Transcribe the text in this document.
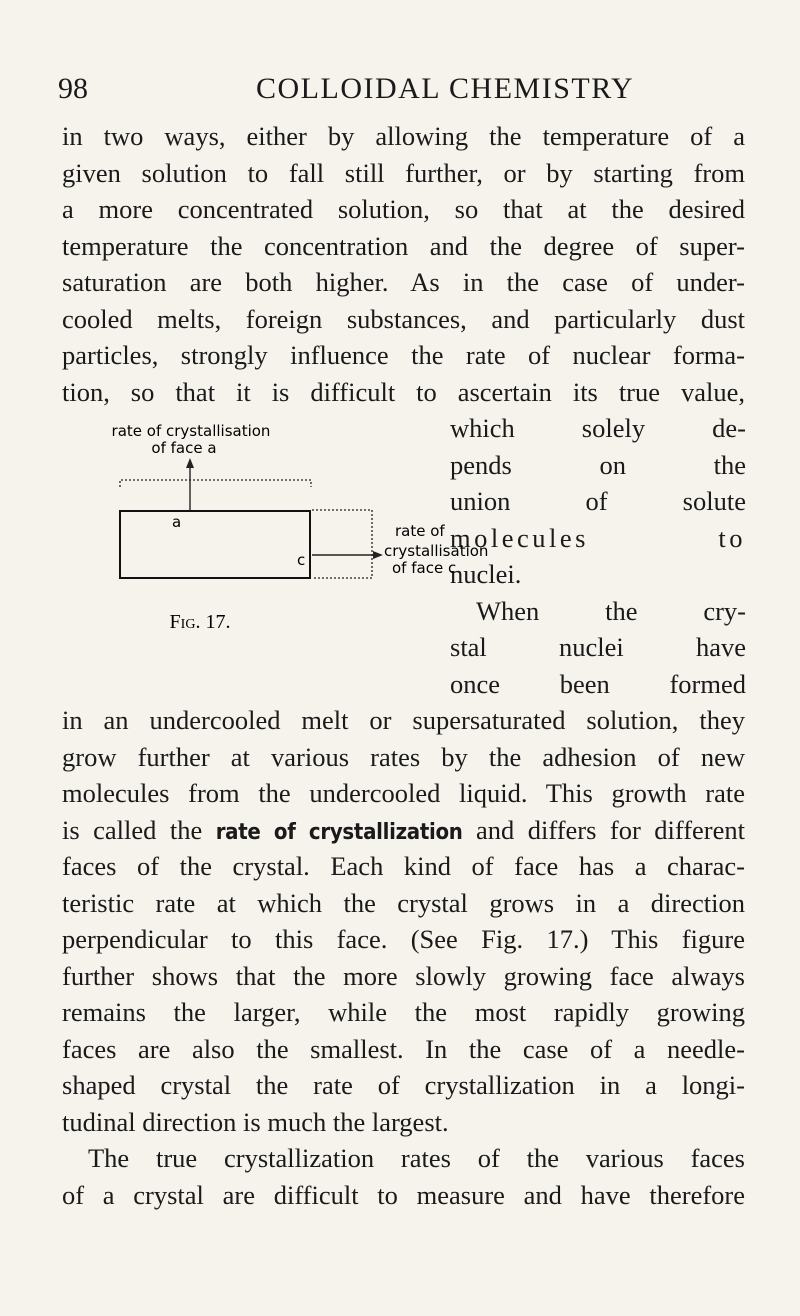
98	COLLOIDAL CHEMISTRY
in two ways, either by allowing the temperature of a
given solution to fall still further, or by starting from
a more concentrated solution, so that at the desired
temperature the concentration and the degree of super-
saturation are both higher. As in the case of under-
cooled melts, foreign substances, and particularly dust
particles, strongly influence the rate of nuclear forma-
tion, so that it is difficult to ascertain its true value,
which solely de-
pends on the
union of solute
molecules to
nuclei.
When the cry-
stal nuclei have
once been formed
in an undercooled melt or supersaturated solution, they
grow further at various rates by the adhesion of new
molecules from the undercooled liquid. This growth rate
is called the rate of crystallization and differs for different
faces of the crystal. Each kind of face has a charac-
teristic rate at which the crystal grows in a direction
perpendicular to this face. (See Fig. 17.) This figure
further shows that the more slowly growing face always
remains the larger, while the most rapidly growing
faces are also the smallest. In the case of a needle-
shaped crystal the rate of crystallization in a longi-
tudinal direction is much the largest.
The true crystallization rates of the various faces
of a crystal are difficult to measure and have therefore
rate of crystallisation
of face a
a
c
rate of
crystallisation
of face c
Fig. 17.
